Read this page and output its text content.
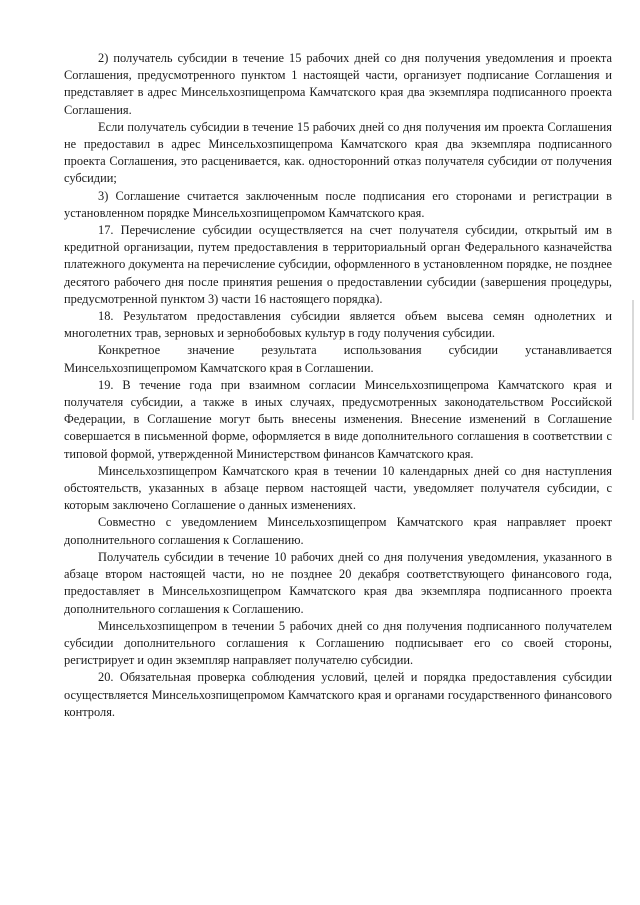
2) получатель субсидии в течение 15 рабочих дней со дня получения уведомления и проекта Соглашения, предусмотренного пунктом 1 настоящей части, организует подписание Соглашения и представляет в адрес Минсельхозпищепрома Камчатского края два экземпляра подписанного проекта Соглашения.

Если получатель субсидии в течение 15 рабочих дней со дня получения им проекта Соглашения не предоставил в адрес Минсельхозпищепрома Камчатского края два экземпляра подписанного проекта Соглашения, это расценивается, как. односторонний отказ получателя субсидии от получения субсидии;

3) Соглашение считается заключенным после подписания его сторонами и регистрации в установленном порядке Минсельхозпищепромом Камчатского края.

17. Перечисление субсидии осуществляется на счет получателя субсидии, открытый им в кредитной организации, путем предоставления в территориальный орган Федерального казначейства платежного документа на перечисление субсидии, оформленного в установленном порядке, не позднее десятого рабочего дня после принятия решения о предоставлении субсидии (завершения процедуры, предусмотренной пунктом 3) части 16 настоящего порядка).

18. Результатом предоставления субсидии является объем высева семян однолетних и многолетних трав, зерновых и зернобобовых культур в году получения субсидии.

Конкретное значение результата использования субсидии устанавливается Минсельхозпищепромом Камчатского края в Соглашении.

19. В течение года при взаимном согласии Минсельхозпищепрома Камчатского края и получателя субсидии, а также в иных случаях, предусмотренных законодательством Российской Федерации, в Соглашение могут быть внесены изменения. Внесение изменений в Соглашение совершается в письменной форме, оформляется в виде дополнительного соглашения в соответствии с типовой формой, утвержденной Министерством финансов Камчатского края.

Минсельхозпищепром Камчатского края в течении 10 календарных дней со дня наступления обстоятельств, указанных в абзаце первом настоящей части, уведомляет получателя субсидии, с которым заключено Соглашение о данных изменениях.

Совместно с уведомлением Минсельхозпищепром Камчатского края направляет проект дополнительного соглашения к Соглашению.

Получатель субсидии в течение 10 рабочих дней со дня получения уведомления, указанного в абзаце втором настоящей части, но не позднее 20 декабря соответствующего финансового года, предоставляет в Минсельхозпищепром Камчатского края два экземпляра подписанного проекта дополнительного соглашения к Соглашению.

Минсельхозпищепром в течении 5 рабочих дней со дня получения подписанного получателем субсидии дополнительного соглашения к Соглашению подписывает его со своей стороны, регистрирует и один экземпляр направляет получателю субсидии.

20. Обязательная проверка соблюдения условий, целей и порядка предоставления субсидии осуществляется Минсельхозпищепромом Камчатского края и органами государственного финансового контроля.
